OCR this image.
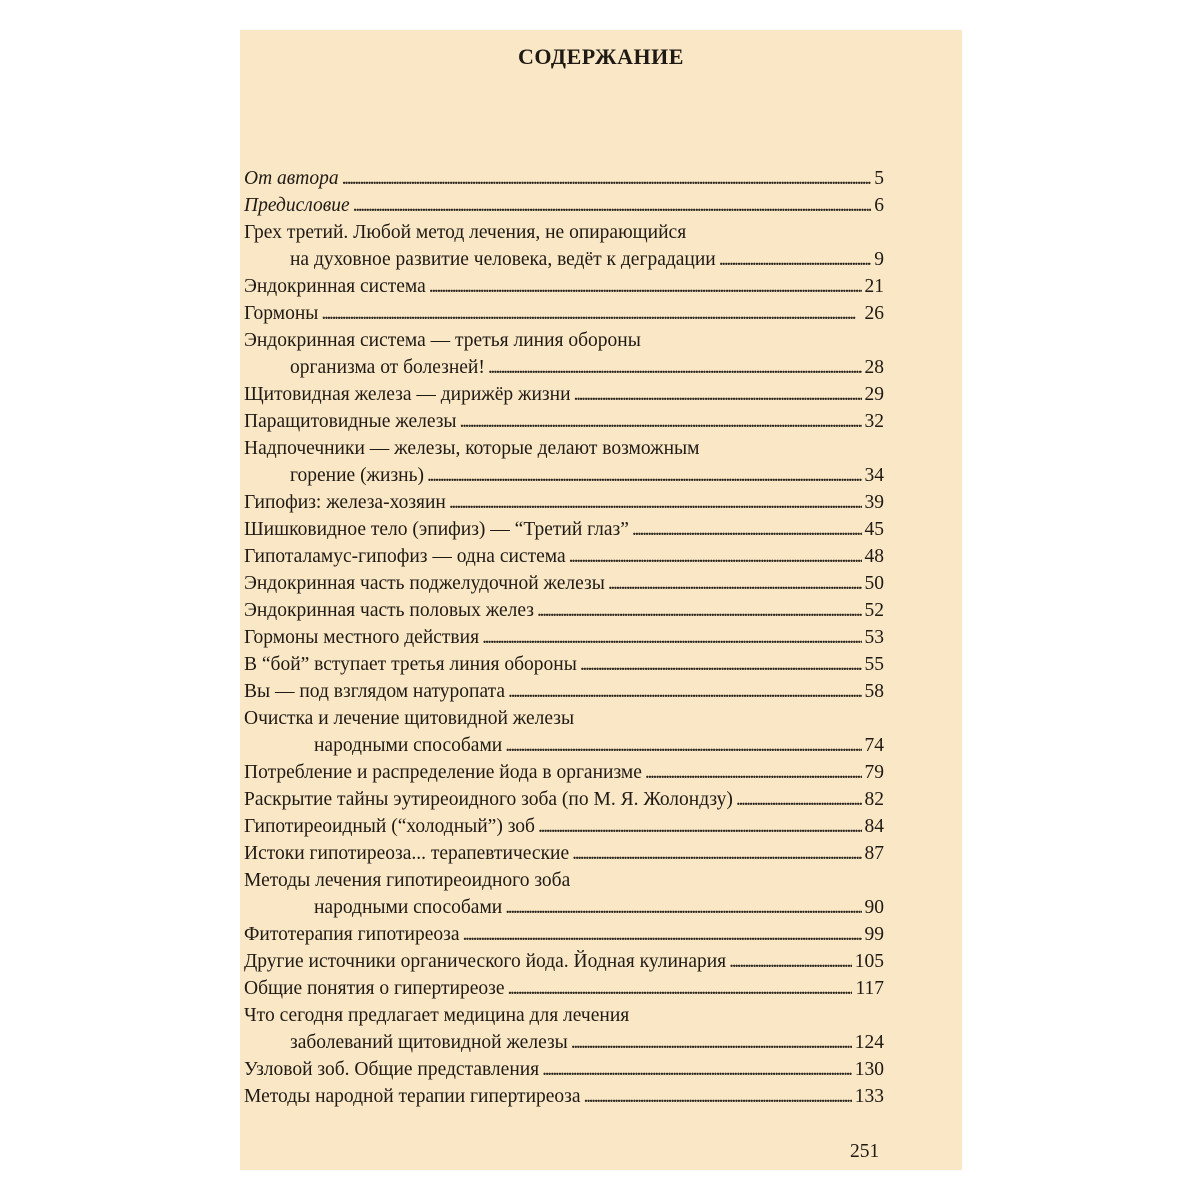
СОДЕРЖАНИЕ
От автора . . .	5
Предисловие . . .	6
Грех третий. Любой метод лечения, не опирающийся
на духовное развитие человека, ведёт к деградации . . .	9
Эндокринная система . . .	21
Гормоны . . .	26
Эндокринная система — третья линия обороны
организма от болезней! . . .	28
Щитовидная железа — дирижёр жизни . . .	29
Паращитовидные железы . . .	32
Надпочечники — железы, которые делают возможным
горение (жизнь) . . .	34
Гипофиз: железа-хозяин . . .	39
Шишковидное тело (эпифиз) — “Третий глаз” . . .	45
Гипоталамус-гипофиз — одна система . . .	48
Эндокринная часть поджелудочной железы . . .	50
Эндокринная часть половых желез . . .	52
Гормоны местного действия . . .	53
В “бой” вступает третья линия обороны . . .	55
Вы — под взглядом натуропата . . .	58
Очистка и лечение щитовидной железы
народными способами . . .	74
Потребление и распределение йода в организме . . .	79
Раскрытие тайны эутиреоидного зоба (по М. Я. Жолондзу) . . .	82
Гипотиреоидный (“холодный”) зоб . . .	84
Истоки гипотиреоза... терапевтические . . .	87
Методы лечения гипотиреоидного зоба
народными способами . . .	90
Фитотерапия гипотиреоза . . .	99
Другие источники органического йода. Йодная кулинария . . .	105
Общие понятия о гипертиреозе . . .	117
Что сегодня предлагает медицина для лечения
заболеваний щитовидной железы . . .	124
Узловой зоб. Общие представления . . .	130
Методы народной терапии гипертиреоза . . .	133
251
